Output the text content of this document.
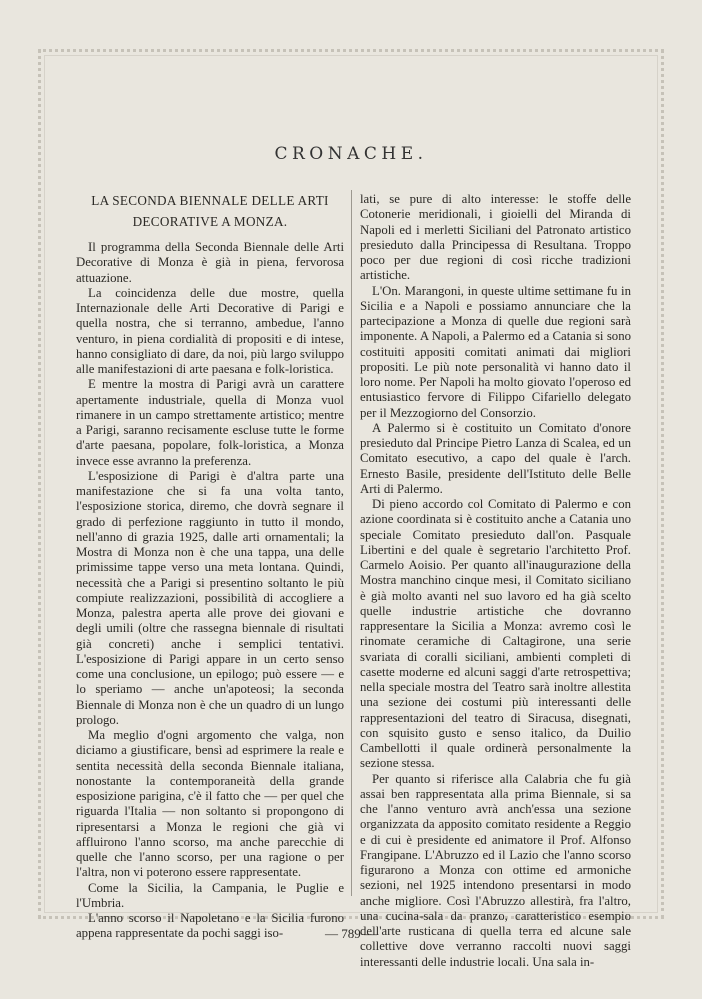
CRONACHE.
LA SECONDA BIENNALE DELLE ARTI
DECORATIVE A MONZA.

Il programma della Seconda Biennale delle Arti Decorative di Monza è già in piena, fervorosa attuazione.

La coincidenza delle due mostre, quella Internazionale delle Arti Decorative di Parigi e quella nostra, che si terranno, ambedue, l'anno venturo, in piena cordialità di propositi e di intese, hanno consigliato di dare, da noi, più largo sviluppo alle manifestazioni di arte paesana e folk-loristica.

E mentre la mostra di Parigi avrà un carattere apertamente industriale, quella di Monza vuol rimanere in un campo strettamente artistico; mentre a Parigi, saranno recisamente escluse tutte le forme d'arte paesana, popolare, folk-loristica, a Monza invece esse avranno la preferenza.

L'esposizione di Parigi è d'altra parte una manifestazione che si fa una volta tanto, l'esposizione storica, diremo, che dovrà segnare il grado di perfezione raggiunto in tutto il mondo, nell'anno di grazia 1925, dalle arti ornamentali; la Mostra di Monza non è che una tappa, una delle primissime tappe verso una meta lontana. Quindi, necessità che a Parigi si presentino soltanto le più compiute realizzazioni, possibilità di accogliere a Monza, palestra aperta alle prove dei giovani e degli umili (oltre che rassegna biennale di risultati già concreti) anche i semplici tentativi. L'esposizione di Parigi appare in un certo senso come una conclusione, un epilogo; può essere — e lo speriamo — anche un'apoteosi; la seconda Biennale di Monza non è che un quadro di un lungo prologo.

Ma meglio d'ogni argomento che valga, non diciamo a giustificare, bensì ad esprimere la reale e sentita necessità della seconda Biennale italiana, nonostante la contemporaneità della grande esposizione parigina, c'è il fatto che — per quel che riguarda l'Italia — non soltanto si propongono di ripresentarsi a Monza le regioni che già vi affluirono l'anno scorso, ma anche parecchie di quelle che l'anno scorso, per una ragione o per l'altra, non vi poterono essere rappresentate.

Come la Sicilia, la Campania, le Puglie e l'Umbria.

L'anno scorso il Napoletano e la Sicilia furono appena rappresentate da pochi saggi iso-

lati, se pure di alto interesse: le stoffe delle Cotonerie meridionali, i gioielli del Miranda di Napoli ed i merletti Siciliani del Patronato artistico presieduto dalla Principessa di Resultana. Troppo poco per due regioni di così ricche tradizioni artistiche.

L'On. Marangoni, in queste ultime settimane fu in Sicilia e a Napoli e possiamo annunciare che la partecipazione a Monza di quelle due regioni sarà imponente. A Napoli, a Palermo ed a Catania si sono costituiti appositi comitati animati dai migliori propositi. Le più note personalità vi hanno dato il loro nome. Per Napoli ha molto giovato l'operoso ed entusiastico fervore di Filippo Cifariello delegato per il Mezzogiorno del Consorzio.

A Palermo si è costituito un Comitato d'onore presieduto dal Principe Pietro Lanza di Scalea, ed un Comitato esecutivo, a capo del quale è l'arch. Ernesto Basile, presidente dell'Istituto delle Belle Arti di Palermo.

Di pieno accordo col Comitato di Palermo e con azione coordinata si è costituito anche a Catania uno speciale Comitato presieduto dall'on. Pasquale Libertini e del quale è segretario l'architetto Prof. Carmelo Aoisio. Per quanto all'inaugurazione della Mostra manchino cinque mesi, il Comitato siciliano è già molto avanti nel suo lavoro ed ha già scelto quelle industrie artistiche che dovranno rappresentare la Sicilia a Monza: avremo così le rinomate ceramiche di Caltagirone, una serie svariata di coralli siciliani, ambienti completi di casette moderne ed alcuni saggi d'arte retrospettiva; nella speciale mostra del Teatro sarà inoltre allestita una sezione dei costumi più interessanti delle rappresentazioni del teatro di Siracusa, disegnati, con squisito gusto e senso italico, da Duilio Cambellotti il quale ordinerà personalmente la sezione stessa.

Per quanto si riferisce alla Calabria che fu già assai ben rappresentata alla prima Biennale, si sa che l'anno venturo avrà anch'essa una sezione organizzata da apposito comitato residente a Reggio e di cui è presidente ed animatore il Prof. Alfonso Frangipane. L'Abruzzo ed il Lazio che l'anno scorso figurarono a Monza con ottime ed armoniche sezioni, nel 1925 intendono presentarsi in modo anche migliore. Così l'Abruzzo allestirà, fra l'altro, una cucina-sala da pranzo, caratteristico esempio dell'arte rusticana di quella terra ed alcune sale collettive dove verranno raccolti nuovi saggi interessanti delle industrie locali. Una sala in-

— 789 —
